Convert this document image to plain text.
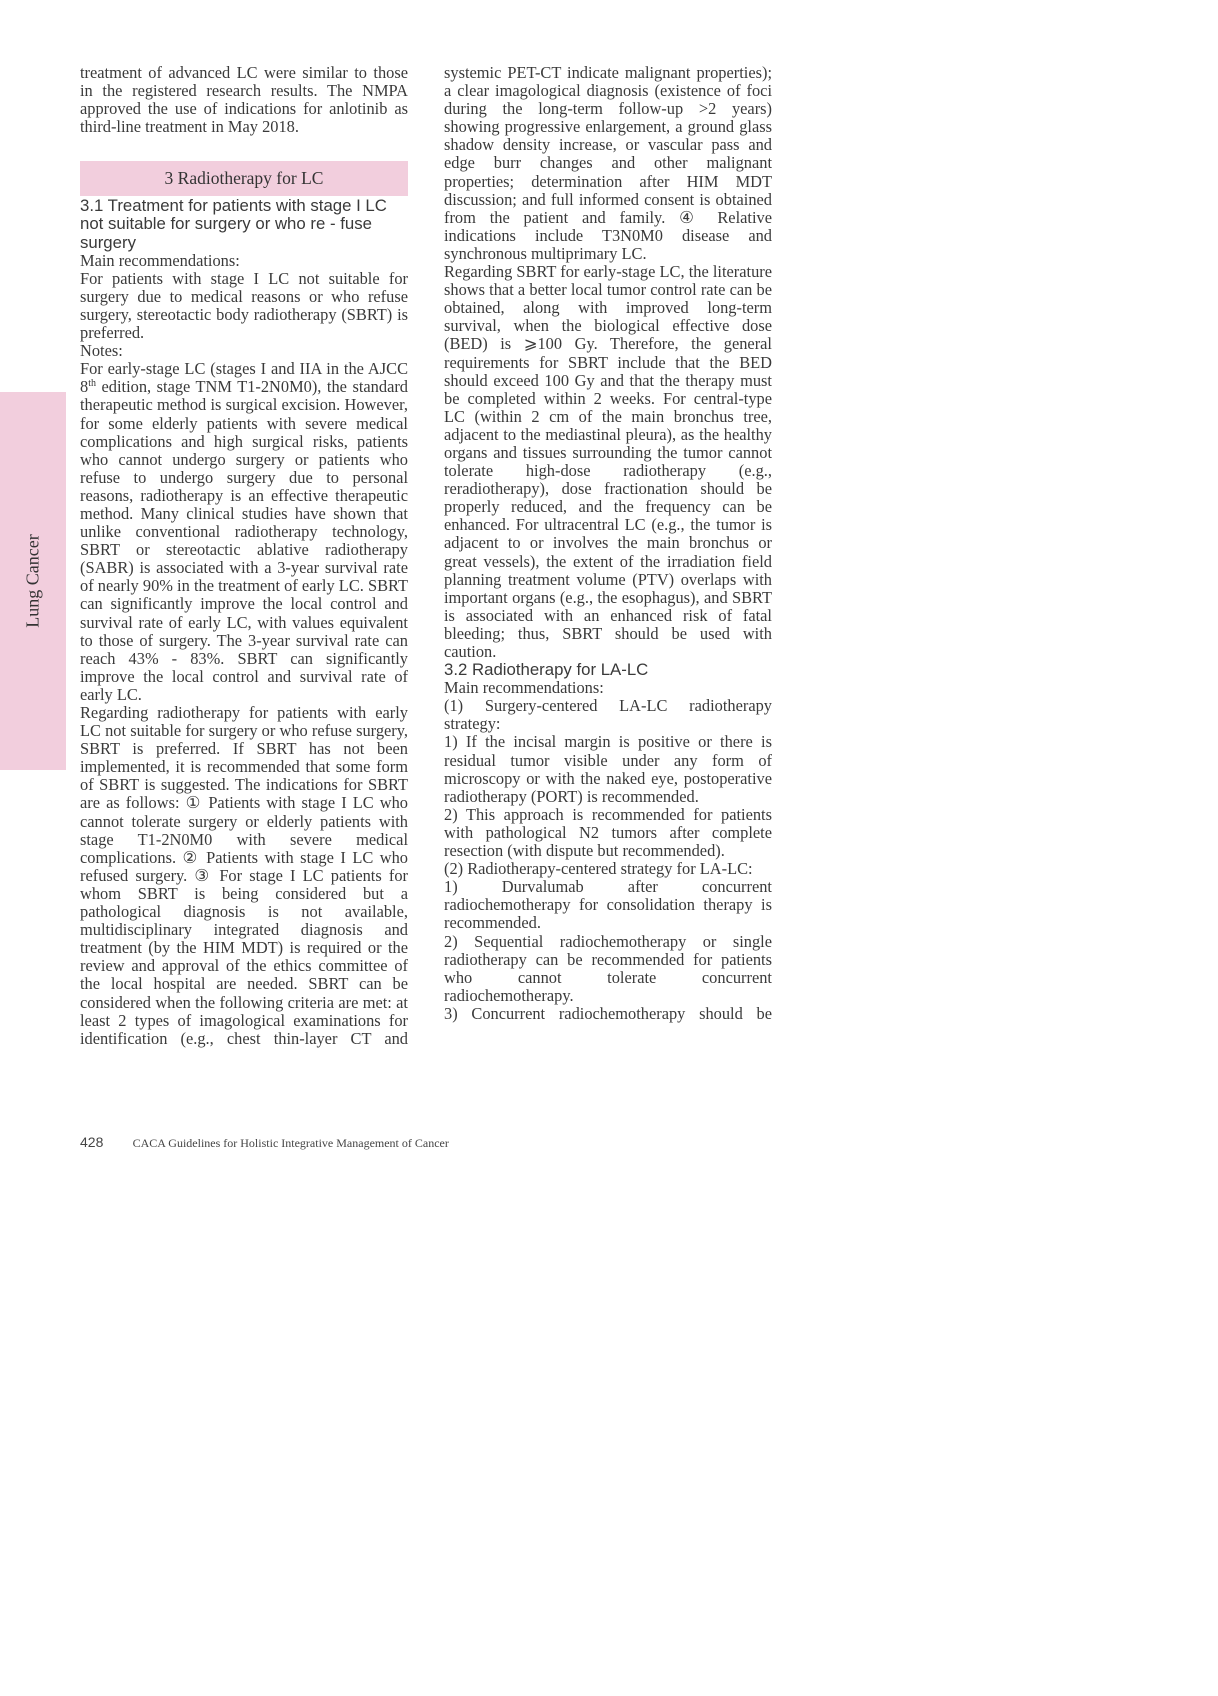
Lung Cancer

treatment of advanced LC were similar to those in the registered research results. The NMPA approved the use of indications for anlotinib as third-line treatment in May 2018.

3 Radiotherapy for LC

3.1 Treatment for patients with stage I LC not suitable for surgery or who re - fuse surgery

Main recommendations:

For patients with stage I LC not suitable for surgery due to medical reasons or who refuse surgery, stereotactic body radiotherapy (SBRT) is preferred.

Notes:

For early-stage LC (stages I and IIA in the AJCC 8th edition, stage TNM T1-2N0M0), the standard therapeutic method is surgical excision. However, for some elderly patients with severe medical complications and high surgical risks, patients who cannot undergo surgery or patients who refuse to undergo surgery due to personal reasons, radiotherapy is an effective therapeutic method. Many clinical studies have shown that unlike conventional radiotherapy technology, SBRT or stereotactic ablative radiotherapy (SABR) is associated with a 3-year survival rate of nearly 90% in the treatment of early LC. SBRT can significantly improve the local control and survival rate of early LC, with values equivalent to those of surgery. The 3-year survival rate can reach 43% - 83%. SBRT can significantly improve the local control and survival rate of early LC.

Regarding radiotherapy for patients with early LC not suitable for surgery or who refuse surgery, SBRT is preferred. If SBRT has not been implemented, it is recommended that some form of SBRT is suggested. The indications for SBRT are as follows: ① Patients with stage I LC who cannot tolerate surgery or elderly patients with stage T1-2N0M0 with severe medical complications. ② Patients with stage I LC who refused surgery. ③ For stage I LC patients for whom SBRT is being considered but a pathological diagnosis is not available, multidisciplinary integrated diagnosis and treatment (by the HIM MDT) is required or the review and approval of the ethics committee of the local hospital are needed. SBRT can be considered when the following criteria are met: at least 2 types of imagological examinations for identification (e.g., chest thin-layer CT and

systemic PET-CT indicate malignant properties); a clear imagological diagnosis (existence of foci during the long-term follow-up >2 years) showing progressive enlargement, a ground glass shadow density increase, or vascular pass and edge burr changes and other malignant properties; determination after HIM MDT discussion; and full informed consent is obtained from the patient and family. ④ Relative indications include T3N0M0 disease and synchronous multiprimary LC.

Regarding SBRT for early-stage LC, the literature shows that a better local tumor control rate can be obtained, along with improved long-term survival, when the biological effective dose (BED) is ⩾100 Gy. Therefore, the general requirements for SBRT include that the BED should exceed 100 Gy and that the therapy must be completed within 2 weeks. For central-type LC (within 2 cm of the main bronchus tree, adjacent to the mediastinal pleura), as the healthy organs and tissues surrounding the tumor cannot tolerate high-dose radiotherapy (e.g., reradiotherapy), dose fractionation should be properly reduced, and the frequency can be enhanced. For ultracentral LC (e.g., the tumor is adjacent to or involves the main bronchus or great vessels), the extent of the irradiation field planning treatment volume (PTV) overlaps with important organs (e.g., the esophagus), and SBRT is associated with an enhanced risk of fatal bleeding; thus, SBRT should be used with caution.

3.2 Radiotherapy for LA-LC

Main recommendations:

(1) Surgery-centered LA-LC radiotherapy strategy:

1) If the incisal margin is positive or there is residual tumor visible under any form of microscopy or with the naked eye, postoperative radiotherapy (PORT) is recommended.

2) This approach is recommended for patients with pathological N2 tumors after complete resection (with dispute but recommended).

(2) Radiotherapy-centered strategy for LA-LC:

1) Durvalumab after concurrent radiochemotherapy for consolidation therapy is recommended.

2) Sequential radiochemotherapy or single radiotherapy can be recommended for patients who cannot tolerate concurrent radiochemotherapy.

3) Concurrent radiochemotherapy should be

428 CACA Guidelines for Holistic Integrative Management of Cancer
